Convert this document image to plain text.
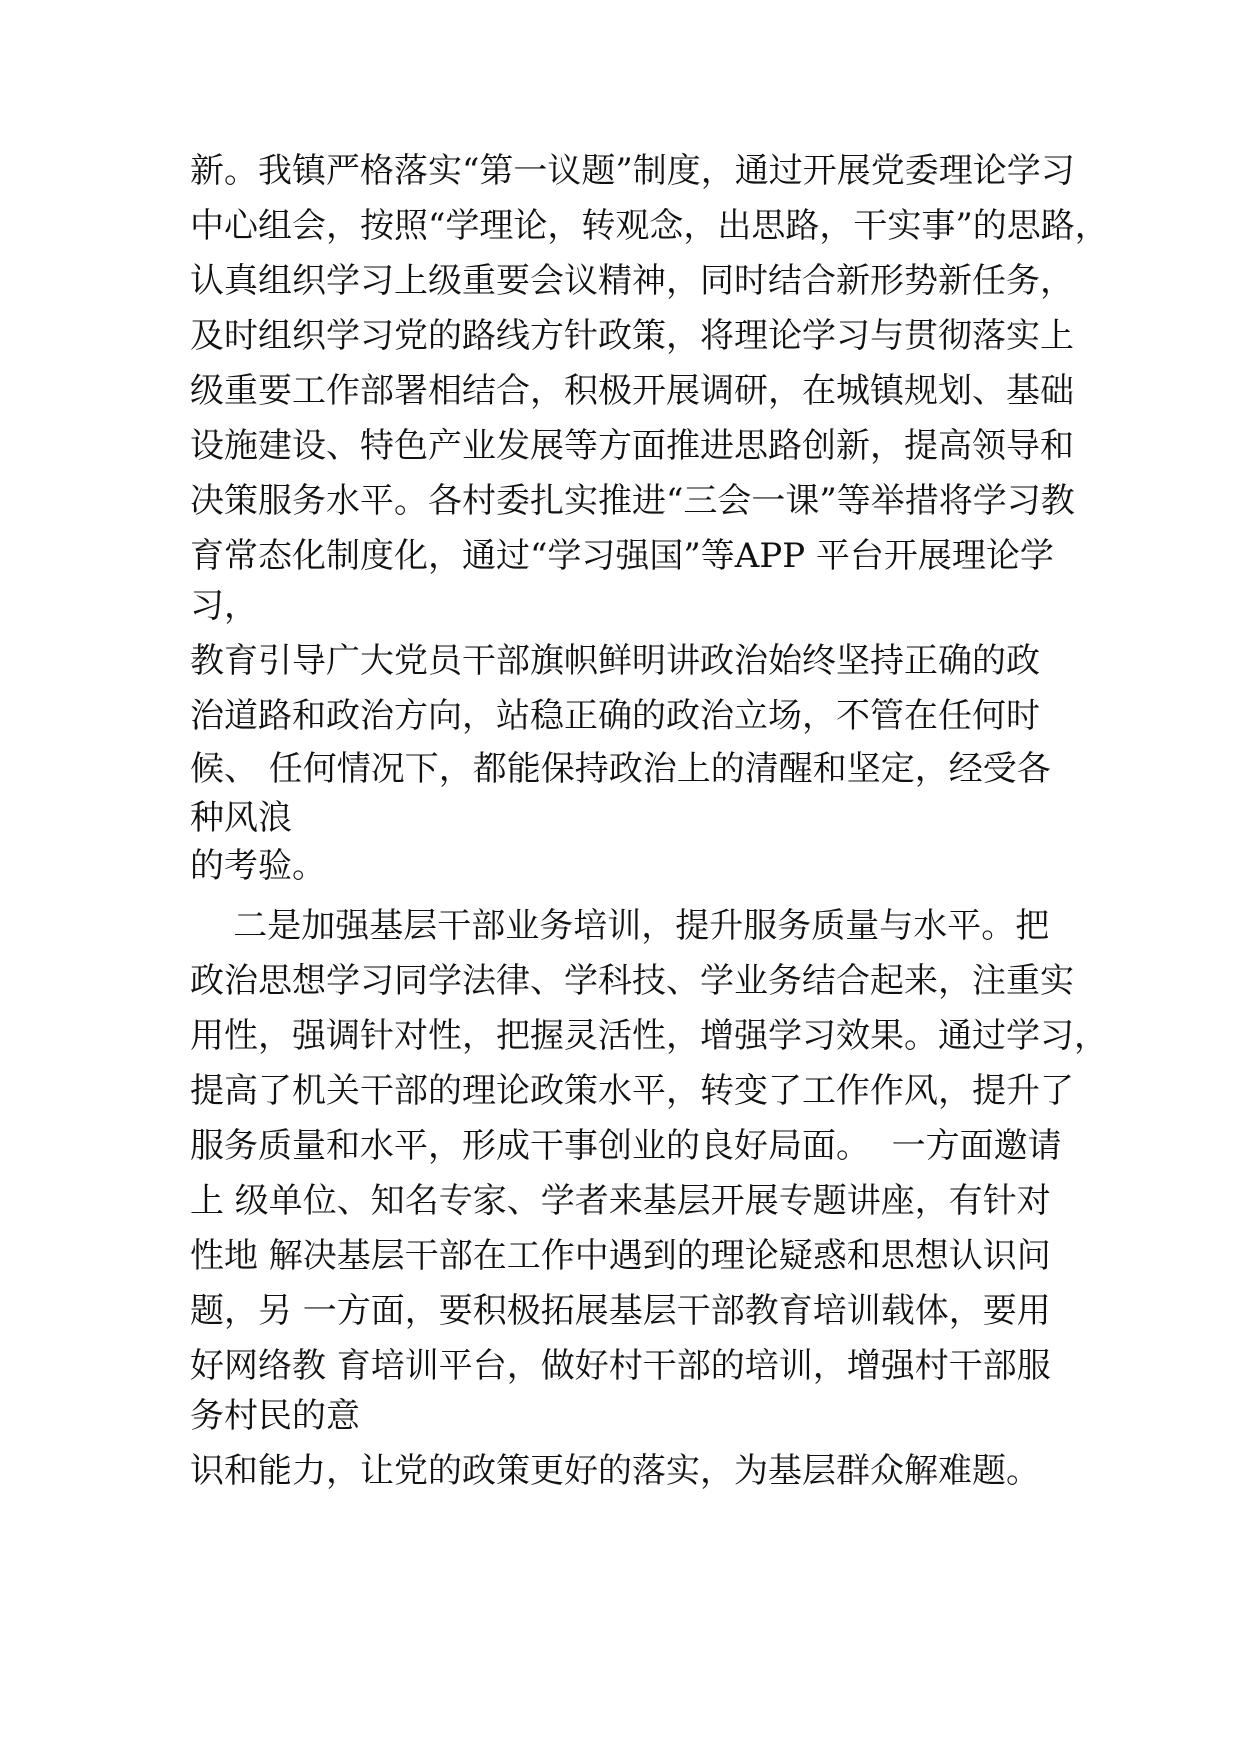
新。我镇严格落实“第一议题”制度，通过开展党委理论学习
中心组会，按照“学理论，转观念，出思路，干实事”的思路，
认真组织学习上级重要会议精神，同时结合新形势新任务，
及时组织学习党的路线方针政策，将理论学习与贯彻落实上
级重要工作部署相结合，积极开展调研，在城镇规划、基础
设施建设、特色产业发展等方面推进思路创新，提高领导和
决策服务水平。各村委扎实推进“三会一课”等举措将学习教
育常态化制度化，通过“学习强国”等APP 平台开展理论学
习，
教育引导广大党员干部旗帜鲜明讲政治始终坚持正确的政
治道路和政治方向，站稳正确的政治立场，不管在任何时
候、 任何情况下，都能保持政治上的清醒和坚定，经受各
种风浪
的考验。
二是加强基层干部业务培训，提升服务质量与水平。把
政治思想学习同学法律、学科技、学业务结合起来，注重实
用性，强调针对性，把握灵活性，增强学习效果。通过学习，
提高了机关干部的理论政策水平，转变了工作作风，提升了
服务质量和水平，形成干事创业的良好局面。  一方面邀请
上 级单位、知名专家、学者来基层开展专题讲座，有针对
性地 解决基层干部在工作中遇到的理论疑惑和思想认识问
题，另 一方面，要积极拓展基层干部教育培训载体，要用
好网络教 育培训平台，做好村干部的培训，增强村干部服
务村民的意
识和能力，让党的政策更好的落实，为基层群众解难题。
